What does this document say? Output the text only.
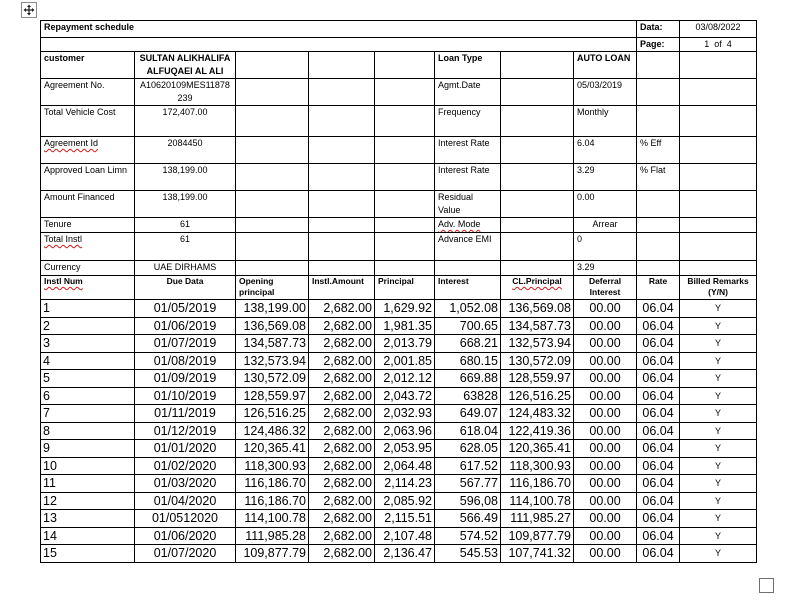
Repayment schedule								Data:	03/08/2022
								Page:	1 of 4
customer	SULTAN ALIKHALIFA ALFUQAEI AL ALI				Loan Type		AUTO LOAN		
Agreement No.	A10620109MES11878239				Agmt.Date		05/03/2019		
Total Vehicle Cost	172,407.00				Frequency		Monthly		
Agreement Id	2084450				Interest Rate		6.04	% Eff	
Approved Loan Limn	138,199.00				Interest Rate		3.29	% Flat	
Amount Financed	138,199.00				Residual Value		0.00		
Tenure	61				Adv. Mode		Arrear		
Total Instl	61				Advance EMI		0		
Currency	UAE DIRHAMS						3.29		
Instl Num	Due Data	Opening principal	Instl.Amount	Principal	Interest	CL.Principal	Deferral Interest	Rate	Billed Remarks (Y/N)
1	01/05/2019	138,199.00	2,682.00	1,629.92	1,052.08	136,569.08	00.00	06.04	Y
2	01/06/2019	136,569.08	2,682.00	1,981.35	700.65	134,587.73	00.00	06.04	Y
3	01/07/2019	134,587.73	2,682.00	2,013.79	668.21	132,573.94	00.00	06.04	Y
4	01/08/2019	132,573.94	2,682.00	2,001.85	680.15	130,572.09	00.00	06.04	Y
5	01/09/2019	130,572.09	2,682.00	2,012.12	669.88	128,559.97	00.00	06.04	Y
6	01/10/2019	128,559.97	2,682.00	2,043.72	63828	126,516.25	00.00	06.04	Y
7	01/11/2019	126,516.25	2,682.00	2,032.93	649.07	124,483.32	00.00	06.04	Y
8	01/12/2019	124,486.32	2,682.00	2,063.96	618.04	122,419.36	00.00	06.04	Y
9	01/01/2020	120,365.41	2,682.00	2,053.95	628.05	120,365.41	00.00	06.04	Y
10	01/02/2020	118,300.93	2,682.00	2,064.48	617.52	118,300.93	00.00	06.04	Y
11	01/03/2020	116,186.70	2,682.00	2,114.23	567.77	116,186.70	00.00	06.04	Y
12	01/04/2020	116,186.70	2,682.00	2,085.92	596,08	114,100.78	00.00	06.04	Y
13	01/0512020	114,100.78	2,682.00	2,115.51	566.49	111,985.27	00.00	06.04	Y
14	01/06/2020	111,985.28	2,682.00	2,107.48	574.52	109,877.79	00.00	06.04	Y
15	01/07/2020	109,877.79	2,682.00	2,136.47	545.53	107,741.32	00.00	06.04	Y
